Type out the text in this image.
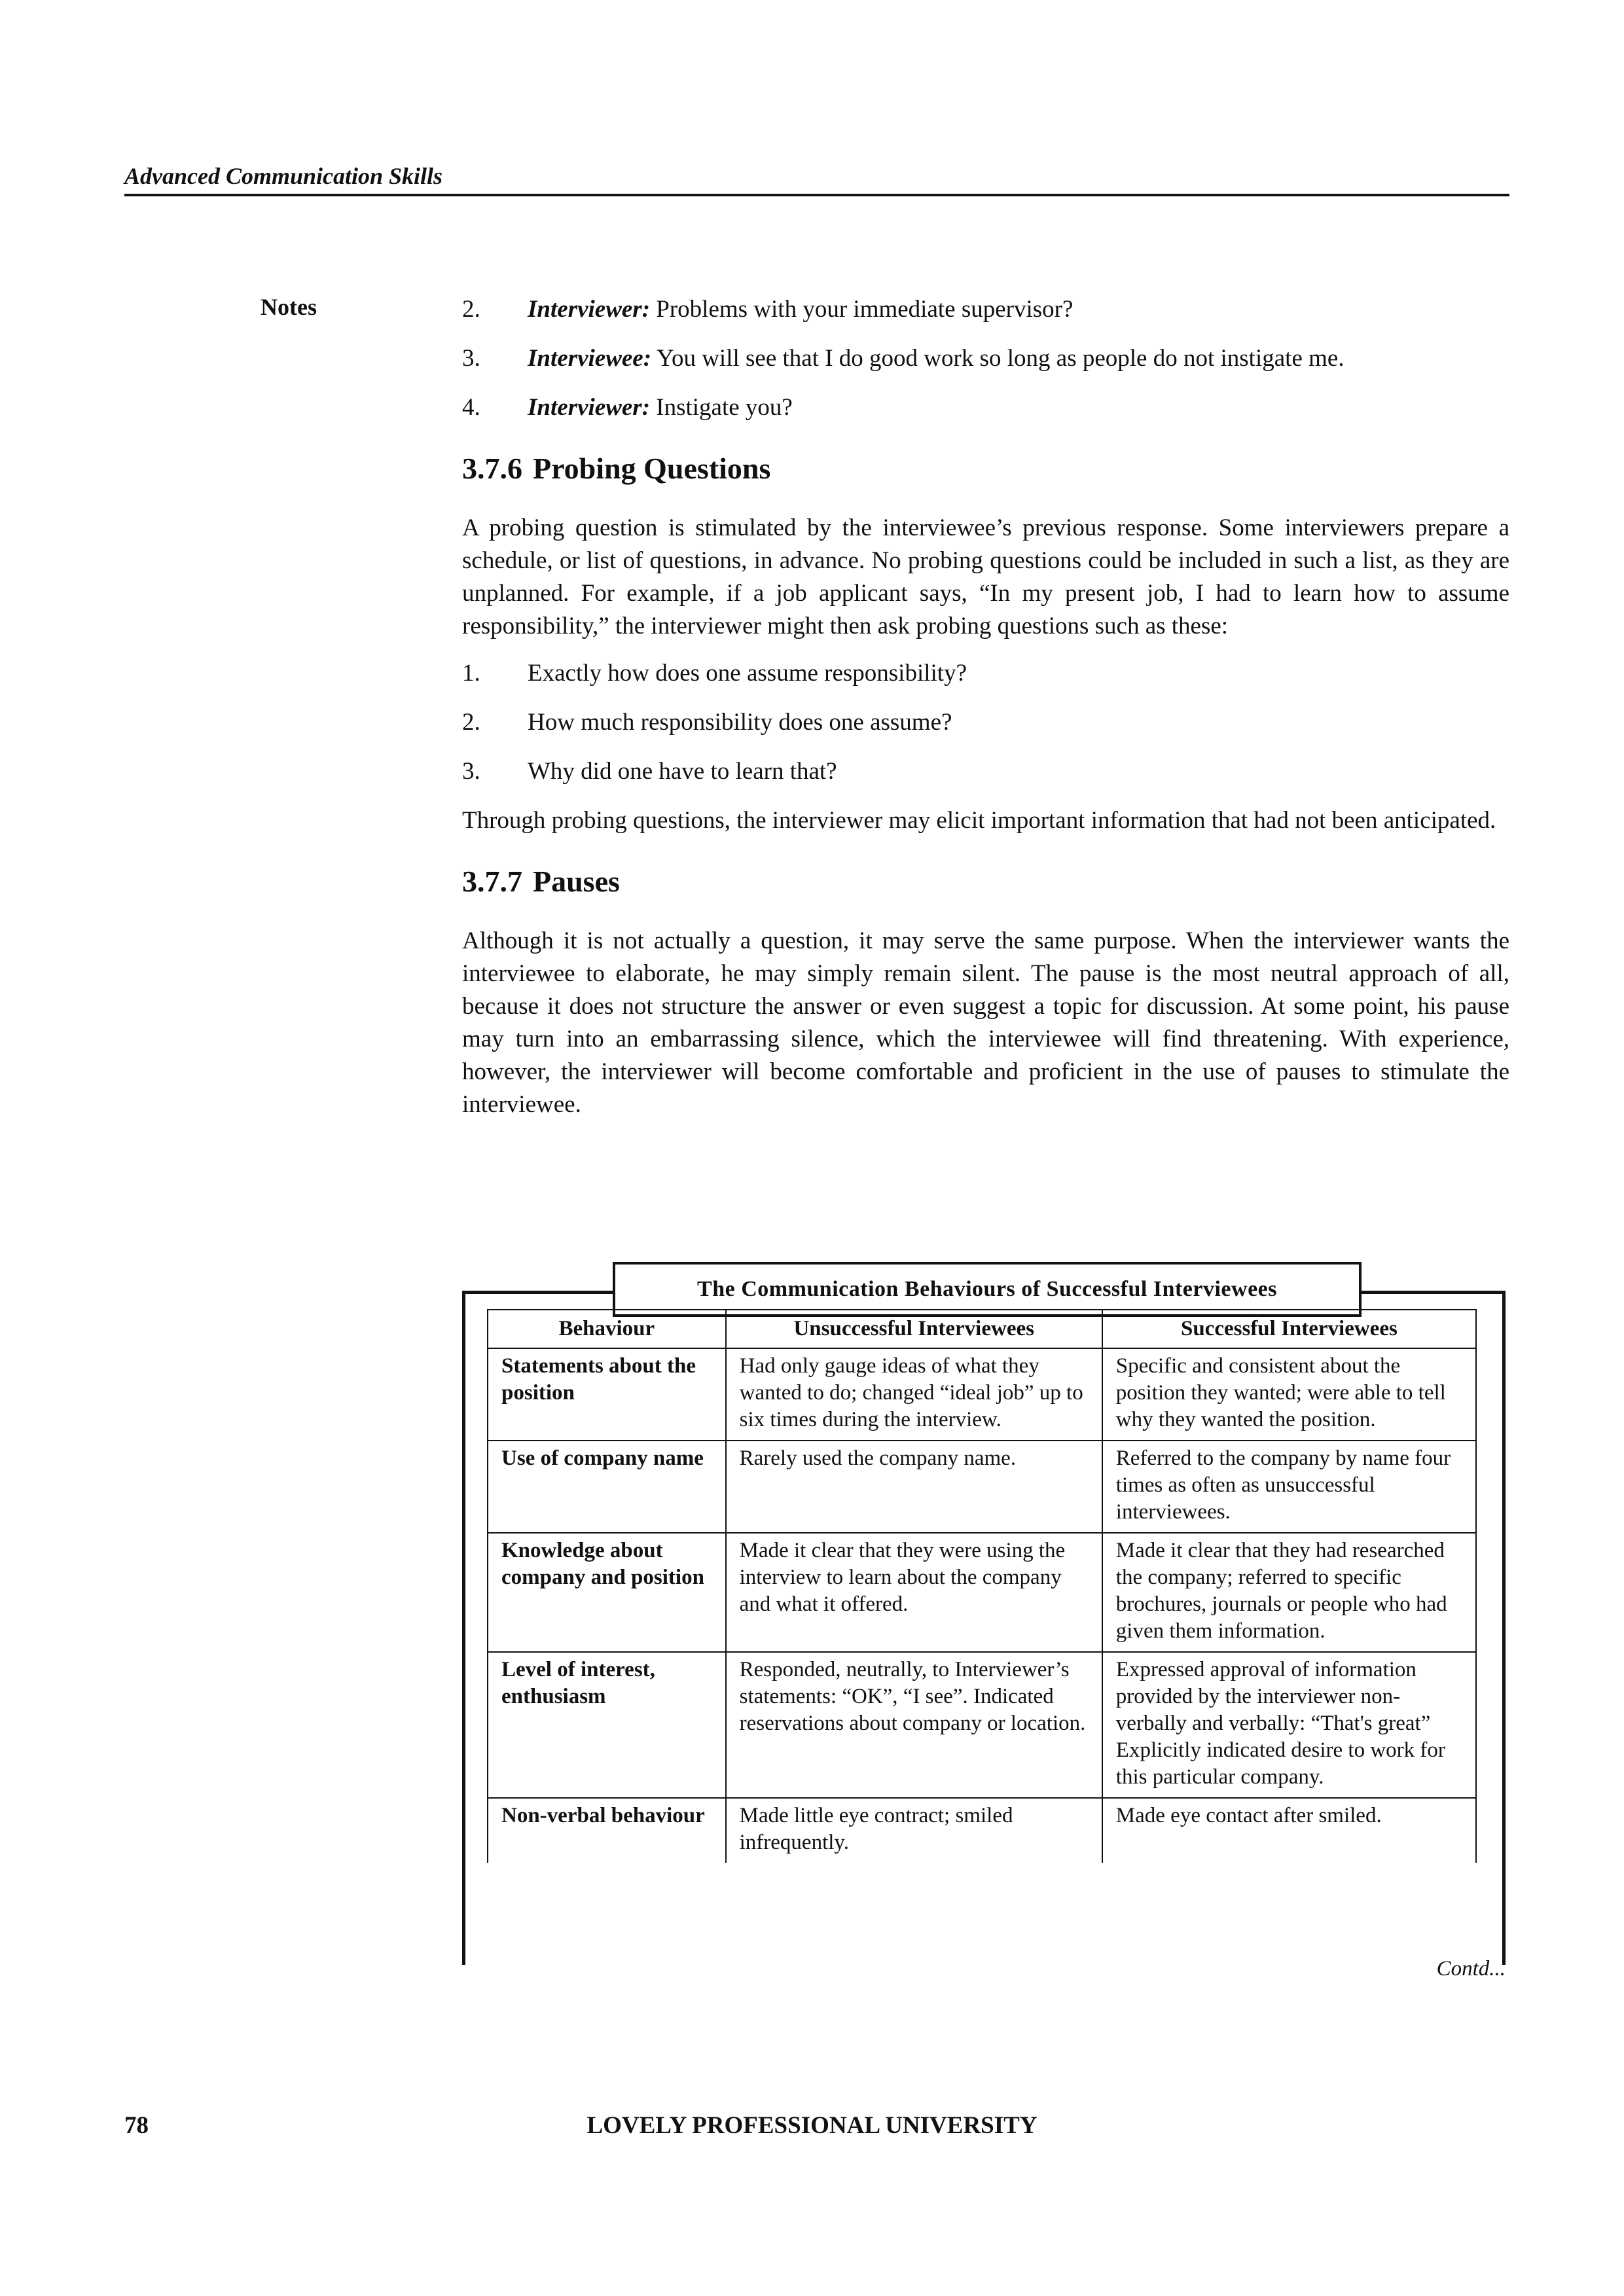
Advanced Communication Skills
Notes	2.	Interviewer: Problems with your immediate supervisor?
3.	Interviewee: You will see that I do good work so long as people do not instigate me.
4.	Interviewer: Instigate you?
3.7.6 Probing Questions

A probing question is stimulated by the interviewee’s previous response. Some interviewers prepare a schedule, or list of questions, in advance. No probing questions could be included in such a list, as they are unplanned. For example, if a job applicant says, “In my present job, I had to learn how to assume responsibility,” the interviewer might then ask probing questions such as these:

1.	Exactly how does one assume responsibility?
2.	How much responsibility does one assume?
3.	Why did one have to learn that?

Through probing questions, the interviewer may elicit important information that had not been anticipated.

3.7.7 Pauses

Although it is not actually a question, it may serve the same purpose. When the interviewer wants the interviewee to elaborate, he may simply remain silent. The pause is the most neutral approach of all, because it does not structure the answer or even suggest a topic for discussion. At some point, his pause may turn into an embarrassing silence, which the interviewee will find threatening. With experience, however, the interviewer will become comfortable and proficient in the use of pauses to stimulate the interviewee.

The Communication Behaviours of Successful Interviewees
Behaviour	Unsuccessful Interviewees	Successful Interviewees
Statements about the position	Had only gauge ideas of what they wanted to do; changed “ideal job” up to six times during the interview.	Specific and consistent about the position they wanted; were able to tell why they wanted the position.
Use of company name	Rarely used the company name.	Referred to the company by name four times as often as unsuccessful interviewees.
Knowledge about company and position	Made it clear that they were using the interview to learn about the company and what it offered.	Made it clear that they had researched the company; referred to specific brochures, journals or people who had given them information.
Level of interest, enthusiasm	Responded, neutrally, to Interviewer’s statements: “OK”, “I see”. Indicated reservations about company or location.	Expressed approval of information provided by the interviewer non-verbally and verbally: “That's great” Explicitly indicated desire to work for this particular company.
Non-verbal behaviour	Made little eye contract; smiled infrequently.	Made eye contact after smiled.
Contd...
LOVELY PROFESSIONAL UNIVERSITY
78
